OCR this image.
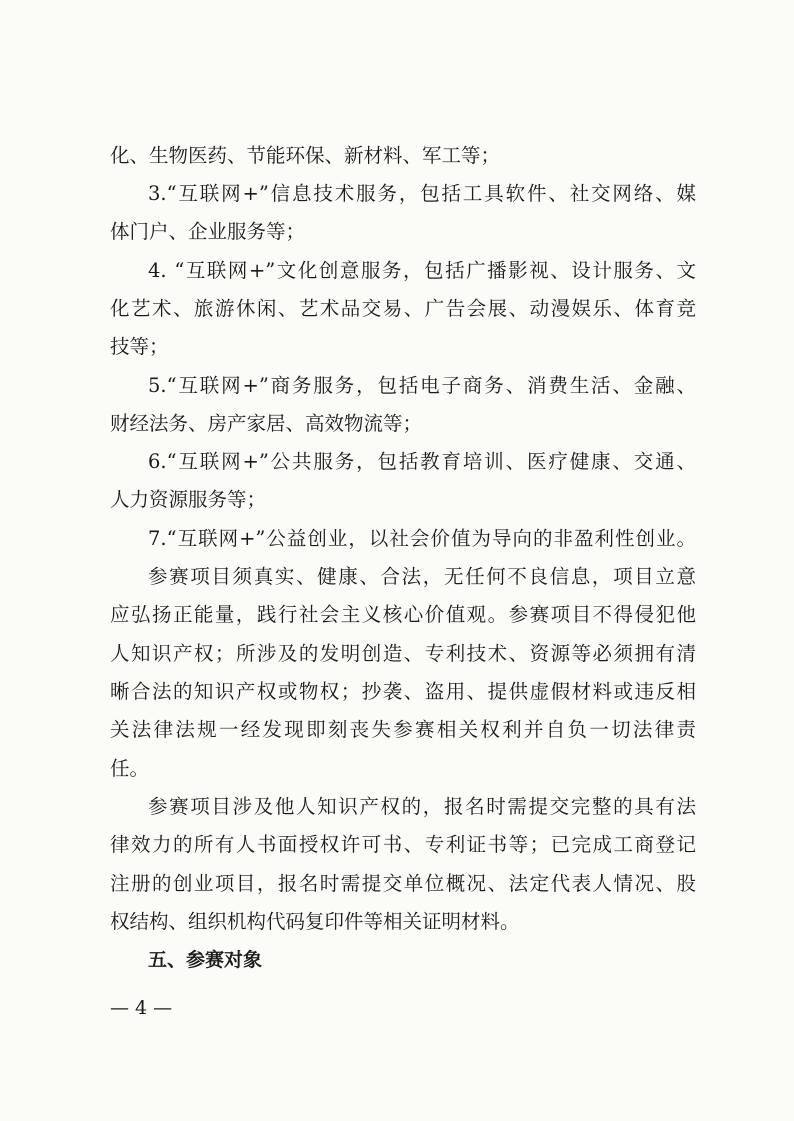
化、生物医药、节能环保、新材料、军工等；
3.“互联网+”信息技术服务，包括工具软件、社交网络、媒
体门户、企业服务等；
4. “互联网+”文化创意服务，包括广播影视、设计服务、文
化艺术、旅游休闲、艺术品交易、广告会展、动漫娱乐、体育竞
技等；
5.“互联网+”商务服务，包括电子商务、消费生活、金融、
财经法务、房产家居、高效物流等；
6.“互联网+”公共服务，包括教育培训、医疗健康、交通、
人力资源服务等；
7.“互联网+”公益创业，以社会价值为导向的非盈利性创业。
参赛项目须真实、健康、合法，无任何不良信息，项目立意
应弘扬正能量，践行社会主义核心价值观。参赛项目不得侵犯他
人知识产权；所涉及的发明创造、专利技术、资源等必须拥有清
晰合法的知识产权或物权；抄袭、盗用、提供虚假材料或违反相
关法律法规一经发现即刻丧失参赛相关权利并自负一切法律责
任。
参赛项目涉及他人知识产权的，报名时需提交完整的具有法
律效力的所有人书面授权许可书、专利证书等；已完成工商登记
注册的创业项目，报名时需提交单位概况、法定代表人情况、股
权结构、组织机构代码复印件等相关证明材料。
五、参赛对象
— 4 —
